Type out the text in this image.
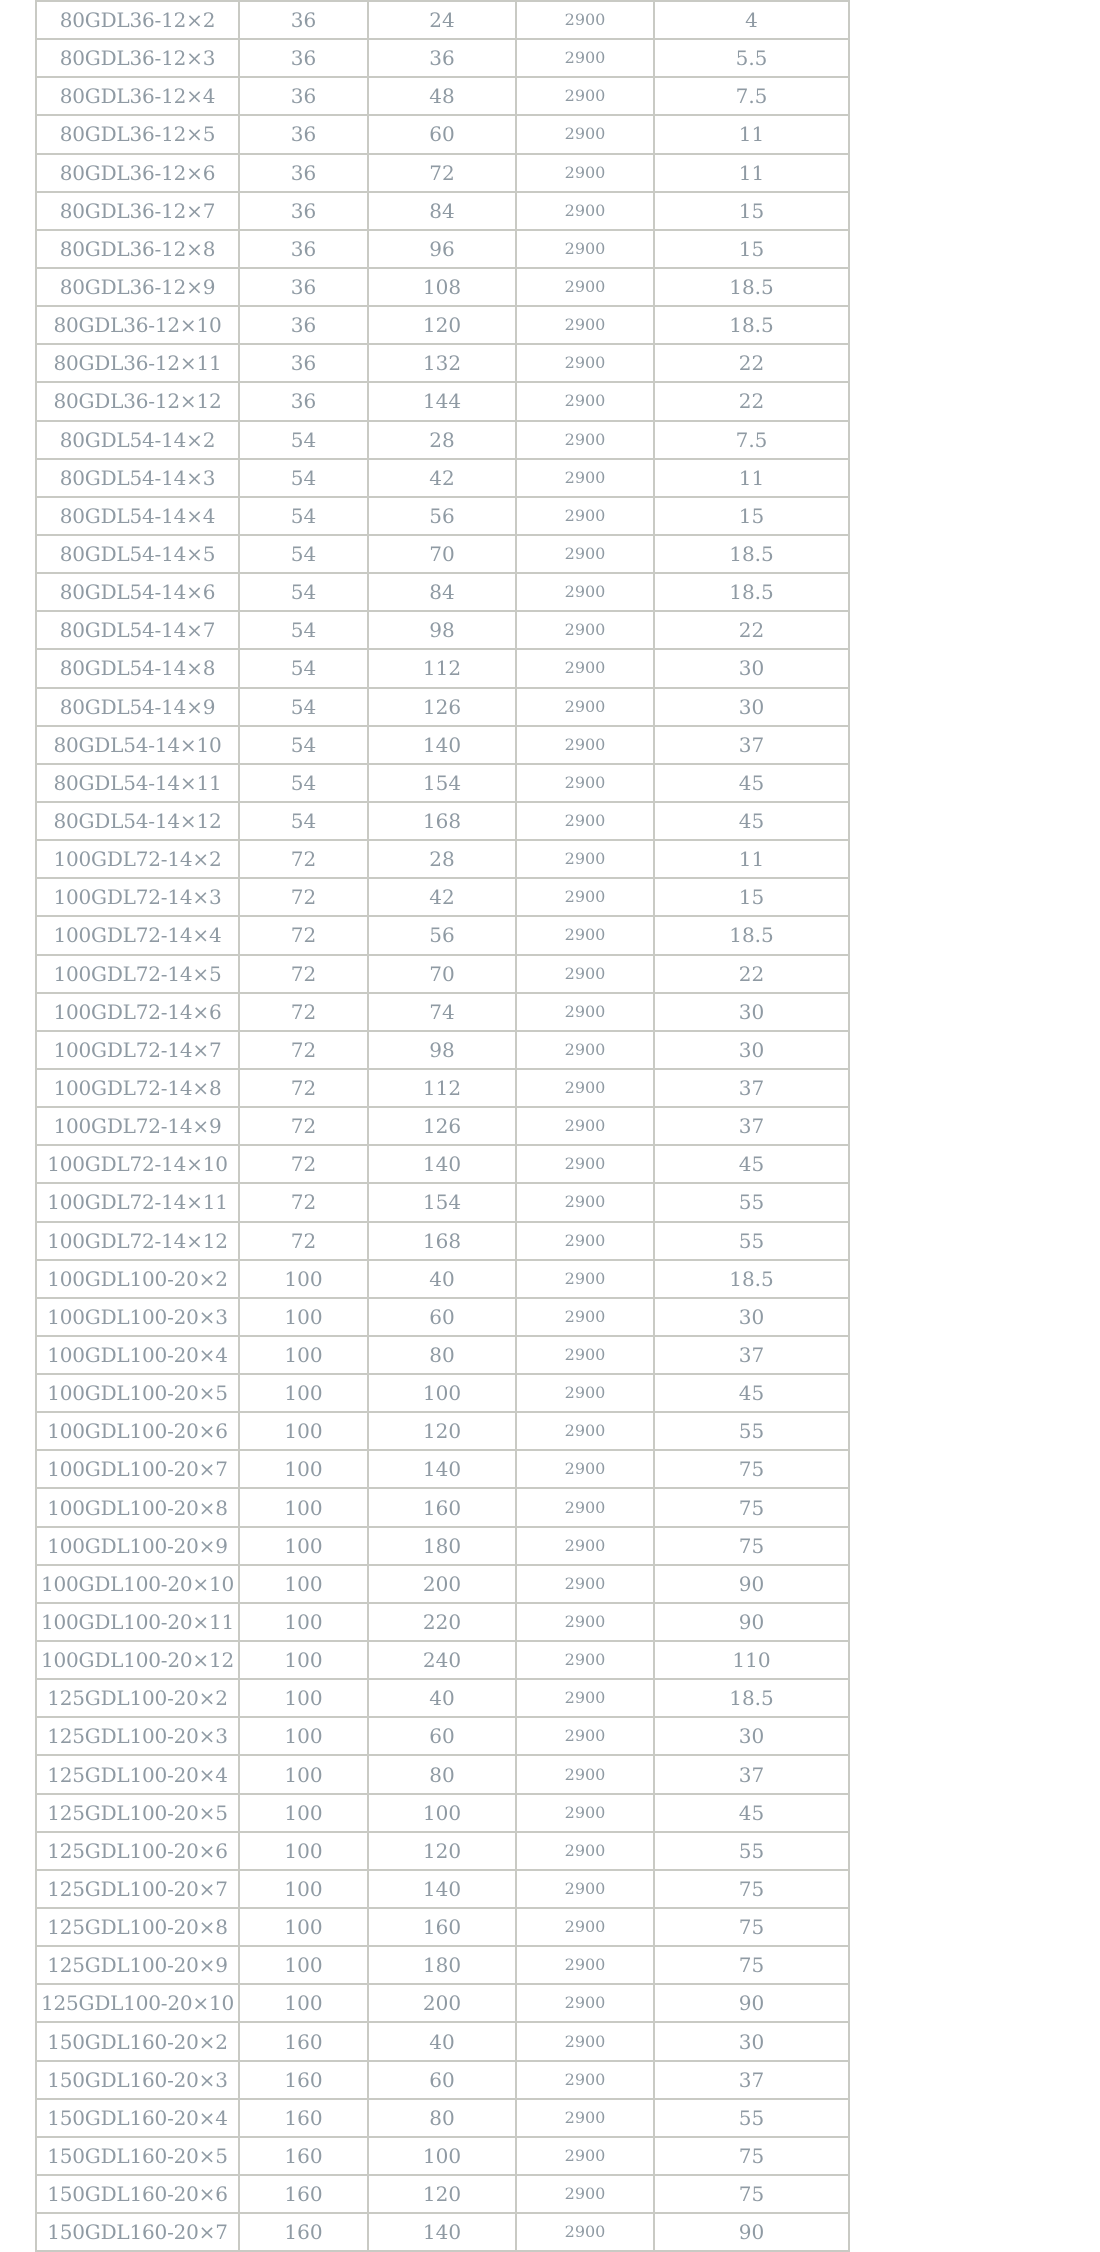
80GDL36-12×2	36	24	2900	4
80GDL36-12×3	36	36	2900	5.5
80GDL36-12×4	36	48	2900	7.5
80GDL36-12×5	36	60	2900	11
80GDL36-12×6	36	72	2900	11
80GDL36-12×7	36	84	2900	15
80GDL36-12×8	36	96	2900	15
80GDL36-12×9	36	108	2900	18.5
80GDL36-12×10	36	120	2900	18.5
80GDL36-12×11	36	132	2900	22
80GDL36-12×12	36	144	2900	22
80GDL54-14×2	54	28	2900	7.5
80GDL54-14×3	54	42	2900	11
80GDL54-14×4	54	56	2900	15
80GDL54-14×5	54	70	2900	18.5
80GDL54-14×6	54	84	2900	18.5
80GDL54-14×7	54	98	2900	22
80GDL54-14×8	54	112	2900	30
80GDL54-14×9	54	126	2900	30
80GDL54-14×10	54	140	2900	37
80GDL54-14×11	54	154	2900	45
80GDL54-14×12	54	168	2900	45
100GDL72-14×2	72	28	2900	11
100GDL72-14×3	72	42	2900	15
100GDL72-14×4	72	56	2900	18.5
100GDL72-14×5	72	70	2900	22
100GDL72-14×6	72	74	2900	30
100GDL72-14×7	72	98	2900	30
100GDL72-14×8	72	112	2900	37
100GDL72-14×9	72	126	2900	37
100GDL72-14×10	72	140	2900	45
100GDL72-14×11	72	154	2900	55
100GDL72-14×12	72	168	2900	55
100GDL100-20×2	100	40	2900	18.5
100GDL100-20×3	100	60	2900	30
100GDL100-20×4	100	80	2900	37
100GDL100-20×5	100	100	2900	45
100GDL100-20×6	100	120	2900	55
100GDL100-20×7	100	140	2900	75
100GDL100-20×8	100	160	2900	75
100GDL100-20×9	100	180	2900	75
100GDL100-20×10	100	200	2900	90
100GDL100-20×11	100	220	2900	90
100GDL100-20×12	100	240	2900	110
125GDL100-20×2	100	40	2900	18.5
125GDL100-20×3	100	60	2900	30
125GDL100-20×4	100	80	2900	37
125GDL100-20×5	100	100	2900	45
125GDL100-20×6	100	120	2900	55
125GDL100-20×7	100	140	2900	75
125GDL100-20×8	100	160	2900	75
125GDL100-20×9	100	180	2900	75
125GDL100-20×10	100	200	2900	90
150GDL160-20×2	160	40	2900	30
150GDL160-20×3	160	60	2900	37
150GDL160-20×4	160	80	2900	55
150GDL160-20×5	160	100	2900	75
150GDL160-20×6	160	120	2900	75
150GDL160-20×7	160	140	2900	90
